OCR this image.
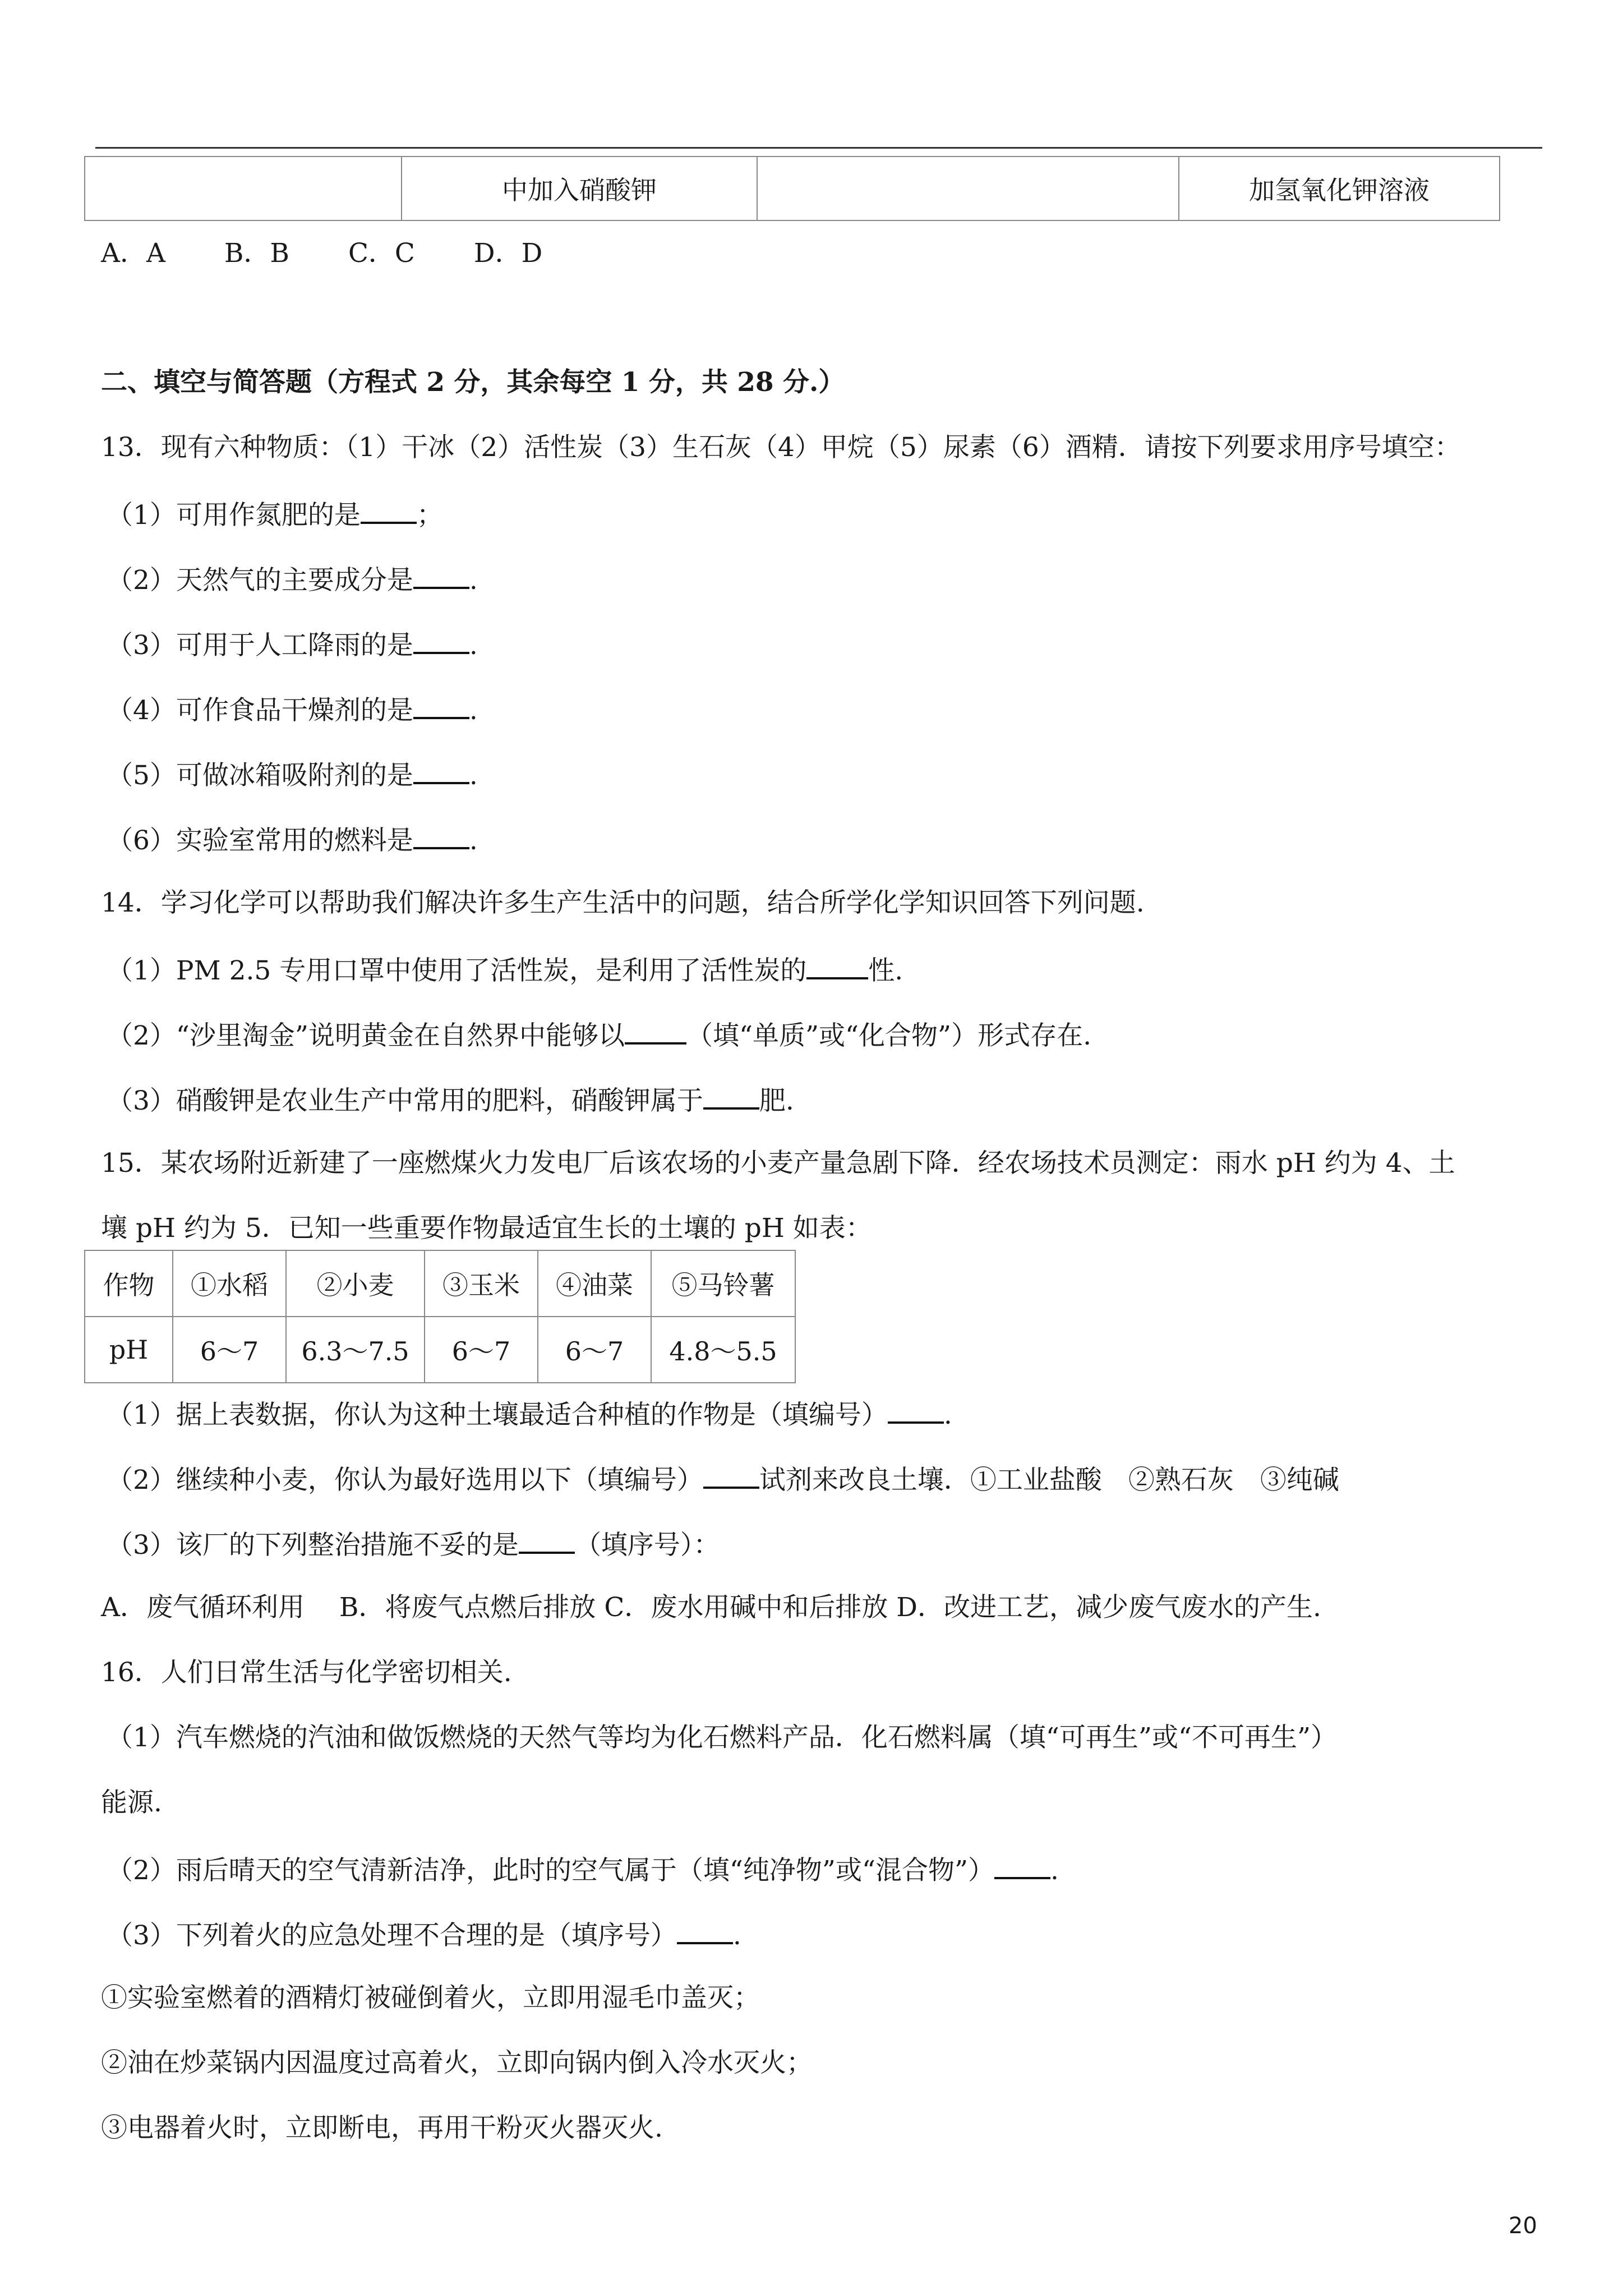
	中加入硝酸钾		加氢氧化钾溶液
A．A B．B C．C D．D
二、填空与简答题（方程式 2 分，其余每空 1 分，共 28 分.）
13．现有六种物质：（1）干冰（2）活性炭（3）生石灰（4）甲烷（5）尿素（6）酒精．请按下列要求用序号填空：
（1）可用作氮肥的是 ；
（2）天然气的主要成分是 .
（3）可用于人工降雨的是 .
（4）可作食品干燥剂的是 .
（5）可做冰箱吸附剂的是 .
（6）实验室常用的燃料是 .
14．学习化学可以帮助我们解决许多生产生活中的问题，结合所学化学知识回答下列问题.
（1）PM 2.5 专用口罩中使用了活性炭，是利用了活性炭的 性.
（2）“沙里淘金”说明黄金在自然界中能够以 （填“单质”或“化合物”）形式存在.
（3）硝酸钾是农业生产中常用的肥料，硝酸钾属于 肥.
15．某农场附近新建了一座燃煤火力发电厂后该农场的小麦产量急剧下降．经农场技术员测定：雨水 pH 约为 4、土
壤 pH 约为 5．已知一些重要作物最适宜生长的土壤的 pH 如表：
作物	①水稻	②小麦	③玉米	④油菜	⑤马铃薯
pH	6～7	6.3～7.5	6～7	6～7	4.8～5.5
（1）据上表数据，你认为这种土壤最适合种植的作物是（填编号） .
（2）继续种小麦，你认为最好选用以下（填编号） 试剂来改良土壤．①工业盐酸　②熟石灰　③纯碱
（3）该厂的下列整治措施不妥的是 （填序号）：
A．废气循环利用　 B．将废气点燃后排放 C．废水用碱中和后排放 D．改进工艺，减少废气废水的产生.
16．人们日常生活与化学密切相关.
（1）汽车燃烧的汽油和做饭燃烧的天然气等均为化石燃料产品．化石燃料属（填“可再生”或“不可再生”）
能源.
（2）雨后晴天的空气清新洁净，此时的空气属于（填“纯净物”或“混合物”） .
（3）下列着火的应急处理不合理的是（填序号） .
①实验室燃着的酒精灯被碰倒着火，立即用湿毛巾盖灭；
②油在炒菜锅内因温度过高着火，立即向锅内倒入冷水灭火；
③电器着火时，立即断电，再用干粉灭火器灭火.
20
